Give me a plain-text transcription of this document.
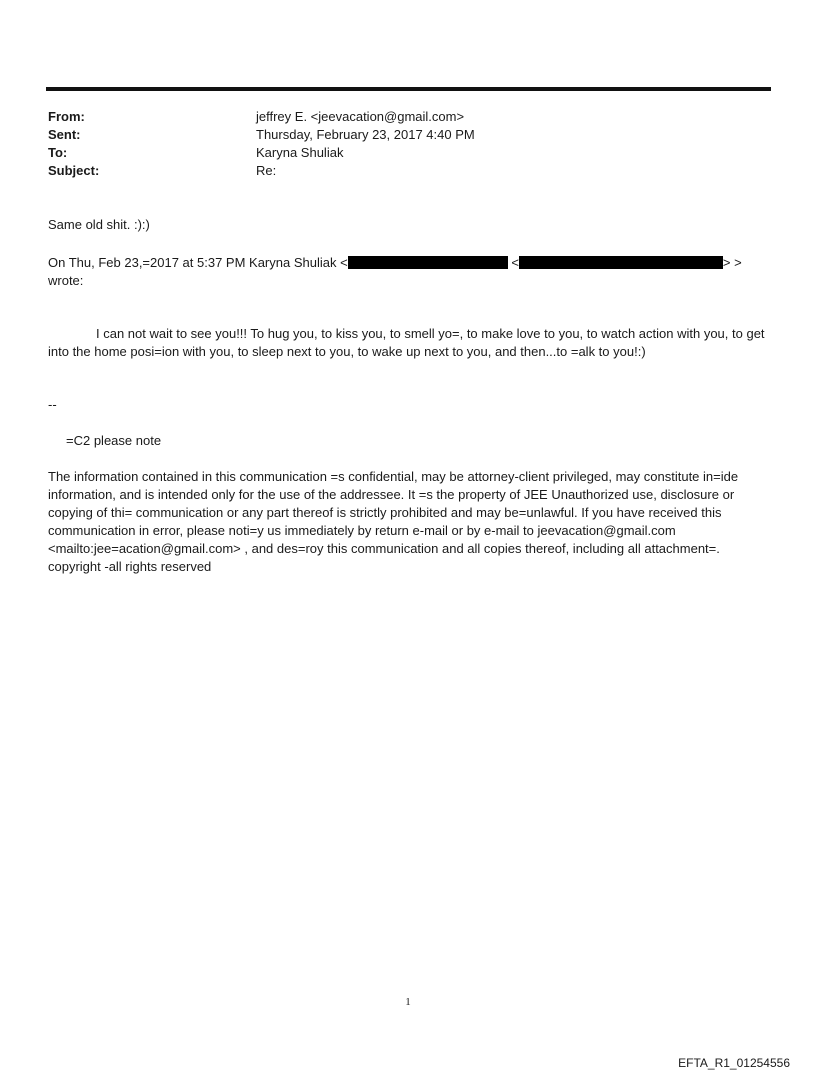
From:	jeffrey E. <jeevacation@gmail.com>
Sent:	Thursday, February 23, 2017 4:40 PM
To:	Karyna Shuliak
Subject:	Re:
Same old shit. :):)
On Thu, Feb 23,=2017 at 5:37 PM Karyna Shuliak <	<	> >
wrote:
I can not wait to see you!!! To hug you, to kiss you, to smell yo=, to make love to you, to watch action with you, to get into the home posi=ion with you, to sleep next to you, to wake up next to you, and then...to =alk to you!:)
--
=C2 please note
The information contained in this communication =s confidential, may be attorney-client privileged, may constitute in=ide information, and is intended only for the use of the addressee. It =s the property of JEE Unauthorized use, disclosure or copying of thi= communication or any part thereof is strictly prohibited and may be=unlawful. If you have received this communication in error, please noti=y us immediately by return e-mail or by e-mail to jeevacation@gmail.com <mailto:jee=acation@gmail.com> , and des=roy this communication and all copies thereof, including all attachment=. copyright -all rights reserved
1
EFTA_R1_01254556
